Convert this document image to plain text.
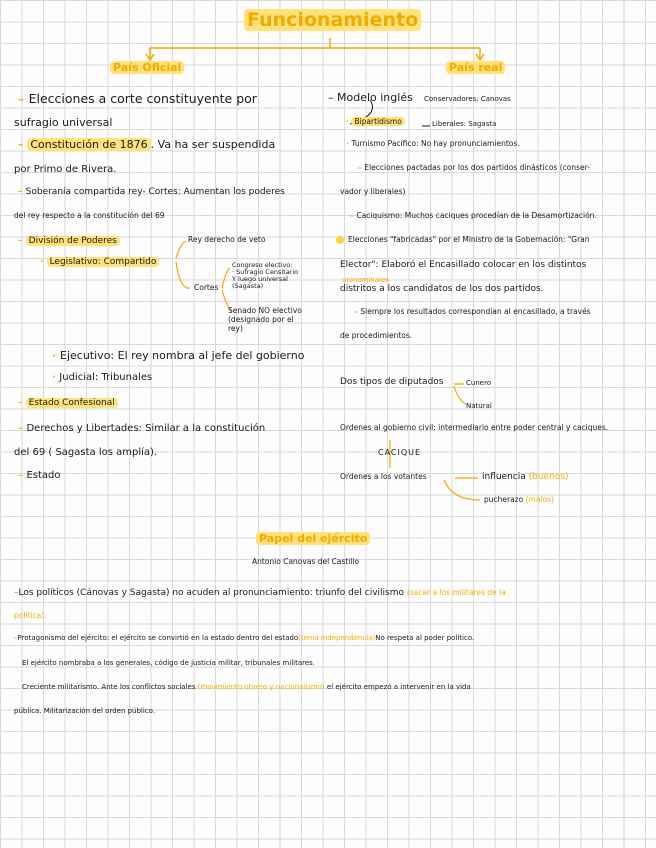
Funcionamiento
País Oficial	País real
– Elecciones a corte constituyente por
sufragio universal
– Constitución de 1876 . Va ha ser suspendida
por Primo de Rivera.
– Soberanía compartida rey- Cortes: Aumentan los poderes
del rey respecto a la constitución del 69
– División de Poderes
· Legislativo: Compartido
Rey derecho de veto
Cortes
Congreso electivo:
· Sufragio Censitario
Y luego universal
(Sagasta)
Senado NO electivo
(designado por el
rey)
· Ejecutivo: El rey nombra al jefe del gobierno
· Judicial: Tribunales
– Estado Confesional
– Derechos y Libertades: Similar a la constitución
del 69 ( Sagasta los amplía).
– Estado
– Modelo inglés Conservadores: Canovas
· Bipartidismo	Liberales: Sagasta
· Turnismo Pacífico: No hay pronunciamientos.
– Elecciones pactadas por los dos partidos dinásticos (conser-
vador y liberales)
– Caciquismo: Muchos caciques procedían de la Desamortización.
Elecciones "fabricadas" por el Ministro de la Gobernación: "Gran
Elector": Elaboró el Encasillado colocar en los distintos
uninominales
distritos a los candidatos de los dos partidos.
– Siempre los resultados correspondían al encasillado, a través
de procedimientos.
Dos tipos de diputados	Cunero
Natural
Ordenes al gobierno civil: intermediario entre poder central y caciques.
CACIQUE
Ordenes a los votantes	influencia (buenos)
pucherazo (malos)
Papel del ejército
Antonio Canovas del Castillo
–Los políticos (Cánovas y Sagasta) no acuden al pronunciamiento: triunfo del civilismo (sacar a los militares de la
política).
–Protagonismo del ejército: el ejército se convirtió en la estado dentro del estado(tenía independencia)No respeta al poder político.
El ejército nombraba a los generales, código de justicia militar, tribunales militares.
Creciente militarismo. Ante los conflictos sociales (movimiento obrero y nacionalismo) el ejército empezó a intervenir en la vida
pública. Militarización del orden público.
